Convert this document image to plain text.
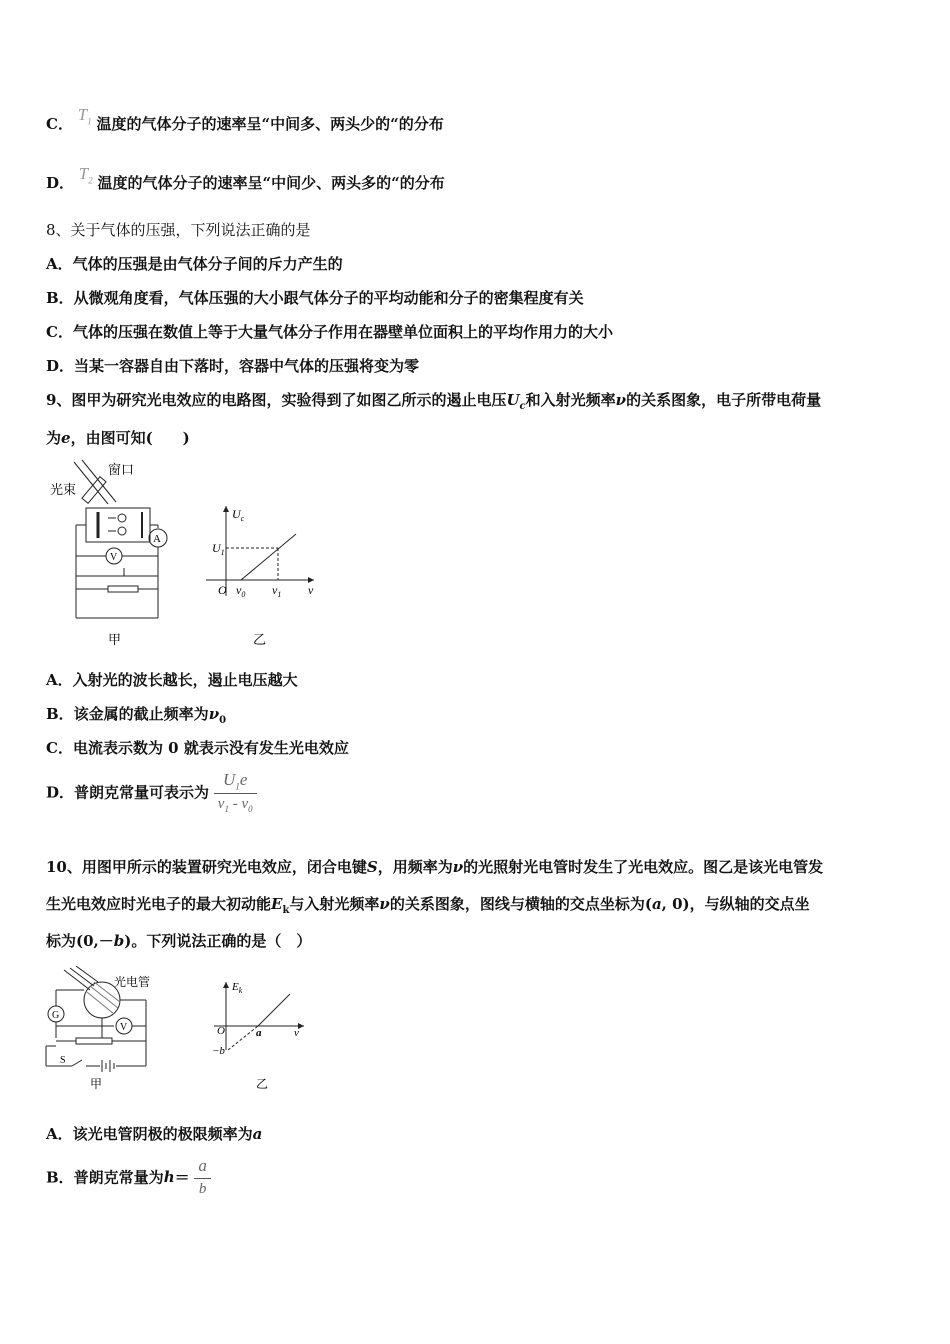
C． $T_1$ 温度的气体分子的速率呈“中间多、两头少的“的分布
D． $T_2$ 温度的气体分子的速率呈“中间少、两头多的“的分布
8、关于气体的压强，下列说法正确的是
A．气体的压强是由气体分子间的斥力产生的
B．从微观角度看，气体压强的大小跟气体分子的平均动能和分子的密集程度有关
C．气体的压强在数值上等于大量气体分子作用在器壁单位面积上的平均作用力的大小
D．当某一容器自由下落时，容器中气体的压强将变为零
9、图甲为研究光电效应的电路图，实验得到了如图乙所示的遏止电压$U_c$和入射光频率ν的关系图象，电子所带电荷量
为e，由图可知(　　)
窗口
光束
A
V
甲	乙
$U_c$
$U_1$
O $\nu_0$ $\nu_1$ ν
A．入射光的波长越长，遏止电压越大
B．该金属的截止频率为$\nu_0$
C．电流表示数为 0 就表示没有发生光电效应
D．普朗克常量可表示为 $\frac{U_1e}{\nu_1 - \nu_0}$
10、用图甲所示的装置研究光电效应，闭合电键S，用频率为ν的光照射光电管时发生了光电效应。图乙是该光电管发
生光电效应时光电子的最大初动能$E_k$与入射光频率ν的关系图象，图线与横轴的交点坐标为(a, 0)，与纵轴的交点坐
标为(0,－b)。下列说法正确的是（　）
光电管
G
V
S
甲	乙
$E_k$
O	a	ν
−b
A．该光电管阴极的极限频率为a
B．普朗克常量为$h= \frac{a}{b}$
